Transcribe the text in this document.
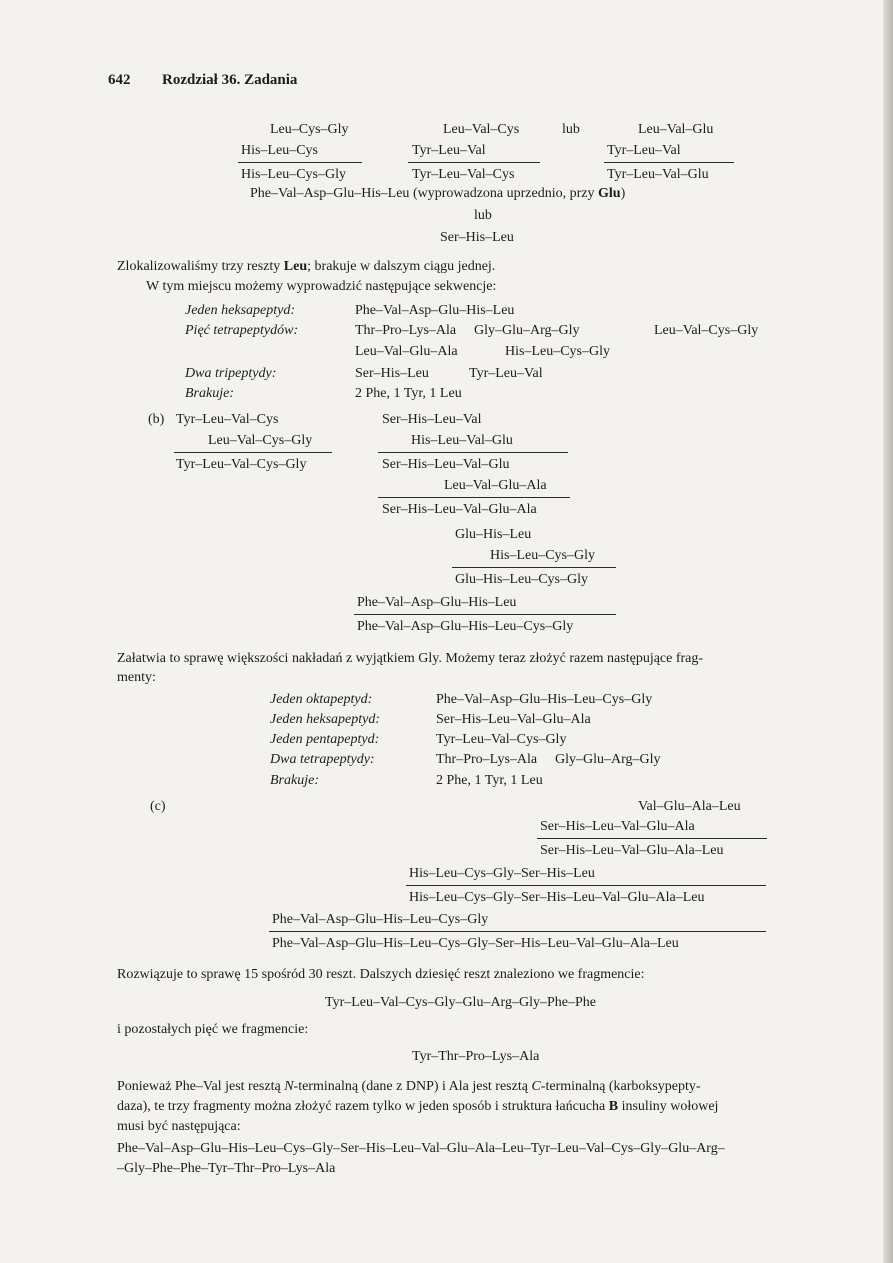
642 Rozdział 36. Zadania
Leu–Cys–Gly
His–Leu–Cys
His–Leu–Cys–Gly
Leu–Val–Cys
Tyr–Leu–Val
Tyr–Leu–Val–Cys
lub	Leu–Val–Glu
Tyr–Leu–Val
Tyr–Leu–Val–Glu
Phe–Val–Asp–Glu–His–Leu (wyprowadzona uprzednio, przy Glu)
lub
Ser–His–Leu
Zlokalizowaliśmy trzy reszty Leu; brakuje w dalszym ciągu jednej.
W tym miejscu możemy wyprowadzić następujące sekwencje:
Jeden heksapeptyd:	Phe–Val–Asp–Glu–His–Leu
Pięć tetrapeptydów:	Thr–Pro–Lys–Ala Gly–Glu–Arg–Gly	Leu–Val–Cys–Gly
Leu–Val–Glu–Ala	His–Leu–Cys–Gly
Dwa tripeptydy:	Ser–His–Leu	Tyr–Leu–Val
Brakuje:	2 Phe, 1 Tyr, 1 Leu
(b) Tyr–Leu–Val–Cys
Leu–Val–Cys–Gly
Tyr–Leu–Val–Cys–Gly
Ser–His–Leu–Val
His–Leu–Val–Glu
Ser–His–Leu–Val–Glu
Leu–Val–Glu–Ala
Ser–His–Leu–Val–Glu–Ala
Glu–His–Leu
His–Leu–Cys–Gly
Glu–His–Leu–Cys–Gly
Phe–Val–Asp–Glu–His–Leu
Phe–Val–Asp–Glu–His–Leu–Cys–Gly
Załatwia to sprawę większości nakładań z wyjątkiem Gly. Możemy teraz złożyć razem następujące frag-
menty:
Jeden oktapeptyd:	Phe–Val–Asp–Glu–His–Leu–Cys–Gly
Jeden heksapeptyd:	Ser–His–Leu–Val–Glu–Ala
Jeden pentapeptyd:	Tyr–Leu–Val–Cys–Gly
Dwa tetrapeptydy:	Thr–Pro–Lys–Ala Gly–Glu–Arg–Gly
Brakuje:	2 Phe, 1 Tyr, 1 Leu
(c)	Val–Glu–Ala–Leu
Ser–His–Leu–Val–Glu–Ala
Ser–His–Leu–Val–Glu–Ala–Leu
His–Leu–Cys–Gly–Ser–His–Leu
His–Leu–Cys–Gly–Ser–His–Leu–Val–Glu–Ala–Leu
Phe–Val–Asp–Glu–His–Leu–Cys–Gly
Phe–Val–Asp–Glu–His–Leu–Cys–Gly–Ser–His–Leu–Val–Glu–Ala–Leu
Rozwiązuje to sprawę 15 spośród 30 reszt. Dalszych dziesięć reszt znaleziono we fragmencie:
Tyr–Leu–Val–Cys–Gly–Glu–Arg–Gly–Phe–Phe
i pozostałych pięć we fragmencie:
Tyr–Thr–Pro–Lys–Ala
Ponieważ Phe–Val jest resztą N-terminalną (dane z DNP) i Ala jest resztą C-terminalną (karboksypepty-
daza), te trzy fragmenty można złożyć razem tylko w jeden sposób i struktura łańcucha B insuliny wołowej
musi być następująca:
Phe–Val–Asp–Glu–His–Leu–Cys–Gly–Ser–His–Leu–Val–Glu–Ala–Leu–Tyr–Leu–Val–Cys–Gly–Glu–Arg–
–Gly–Phe–Phe–Tyr–Thr–Pro–Lys–Ala
